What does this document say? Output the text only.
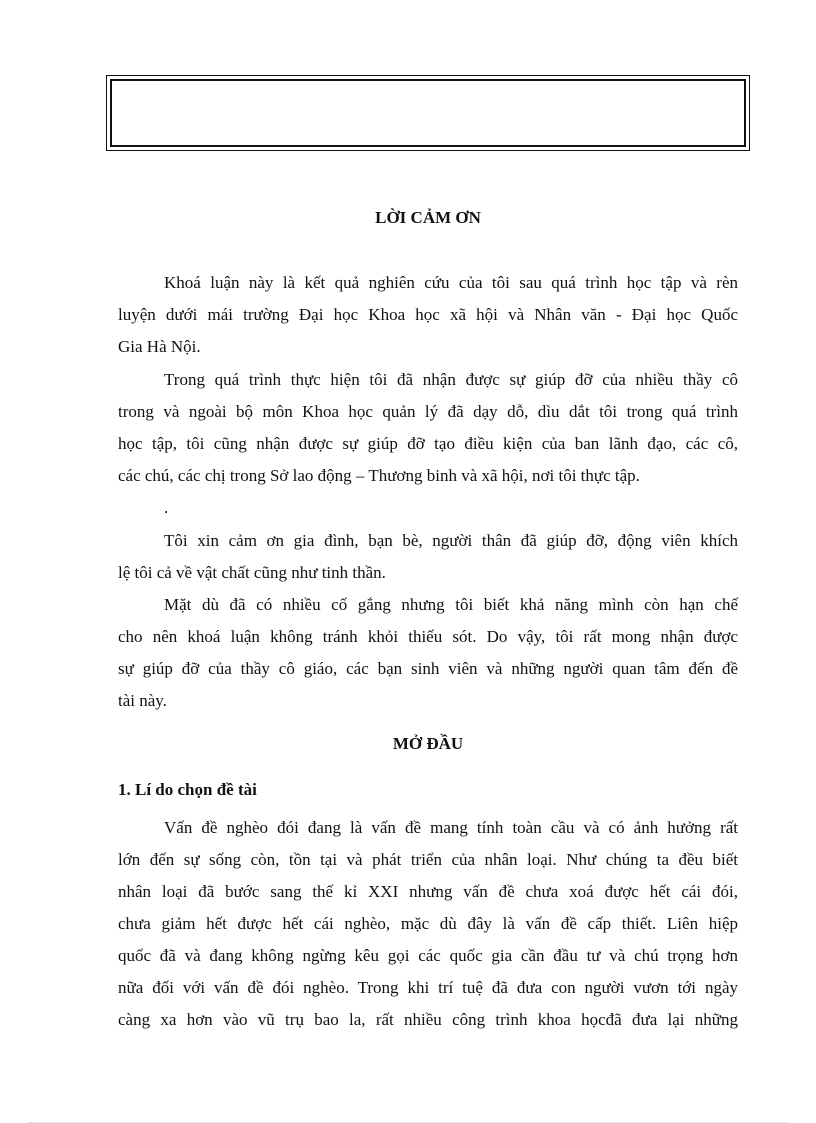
LỜI CẢM ƠN
Khoá luận này là kết quả nghiên cứu của tôi sau quá trình học tập và rèn
luyện dưới mái trường Đại học Khoa học xã hội và Nhân văn - Đại học Quốc
Gia Hà Nội.
Trong quá trình thực hiện tôi đã nhận được sự giúp đỡ của nhiều thầy cô
trong và ngoài bộ môn Khoa học quản lý đã dạy dỗ, dìu dắt tôi trong quá trình
học tập, tôi cũng nhận được sự giúp đỡ tạo điều kiện của ban lãnh đạo, các cô,
các chú, các chị trong Sở lao động – Thương binh và xã hội, nơi tôi thực tập.
.
Tôi xin cảm ơn gia đình, bạn bè, người thân đã giúp đỡ, động viên khích
lệ tôi cả về vật chất cũng như tinh thần.
Mặt dù đã có nhiều cố gắng nhưng tôi biết khả năng mình còn hạn chế
cho nên khoá luận không tránh khỏi thiếu sót. Do vậy, tôi rất mong nhận được
sự giúp đỡ của thầy cô giáo, các bạn sinh viên và những người quan tâm đến đề
tài này.
MỞ ĐẦU
1. Lí do chọn đề tài
Vấn đề nghèo đói đang là vấn đề mang tính toàn cầu và có ảnh hưởng rất
lớn đến sự sống còn, tồn tại và phát triển của nhân loại. Như chúng ta đều biết
nhân loại đã bước sang thế kỉ XXI nhưng vấn đề chưa xoá được hết cái đói,
chưa giảm hết được hết cái nghèo, mặc dù đây là vấn đề cấp thiết. Liên hiệp
quốc đã và đang không ngừng kêu gọi các quốc gia cần đầu tư và chú trọng hơn
nữa đối với vấn đề đói nghèo. Trong khi trí tuệ đã đưa con người vươn tới ngày
càng xa hơn vào vũ trụ bao la, rất nhiều công trình khoa họcđã đưa lại những
